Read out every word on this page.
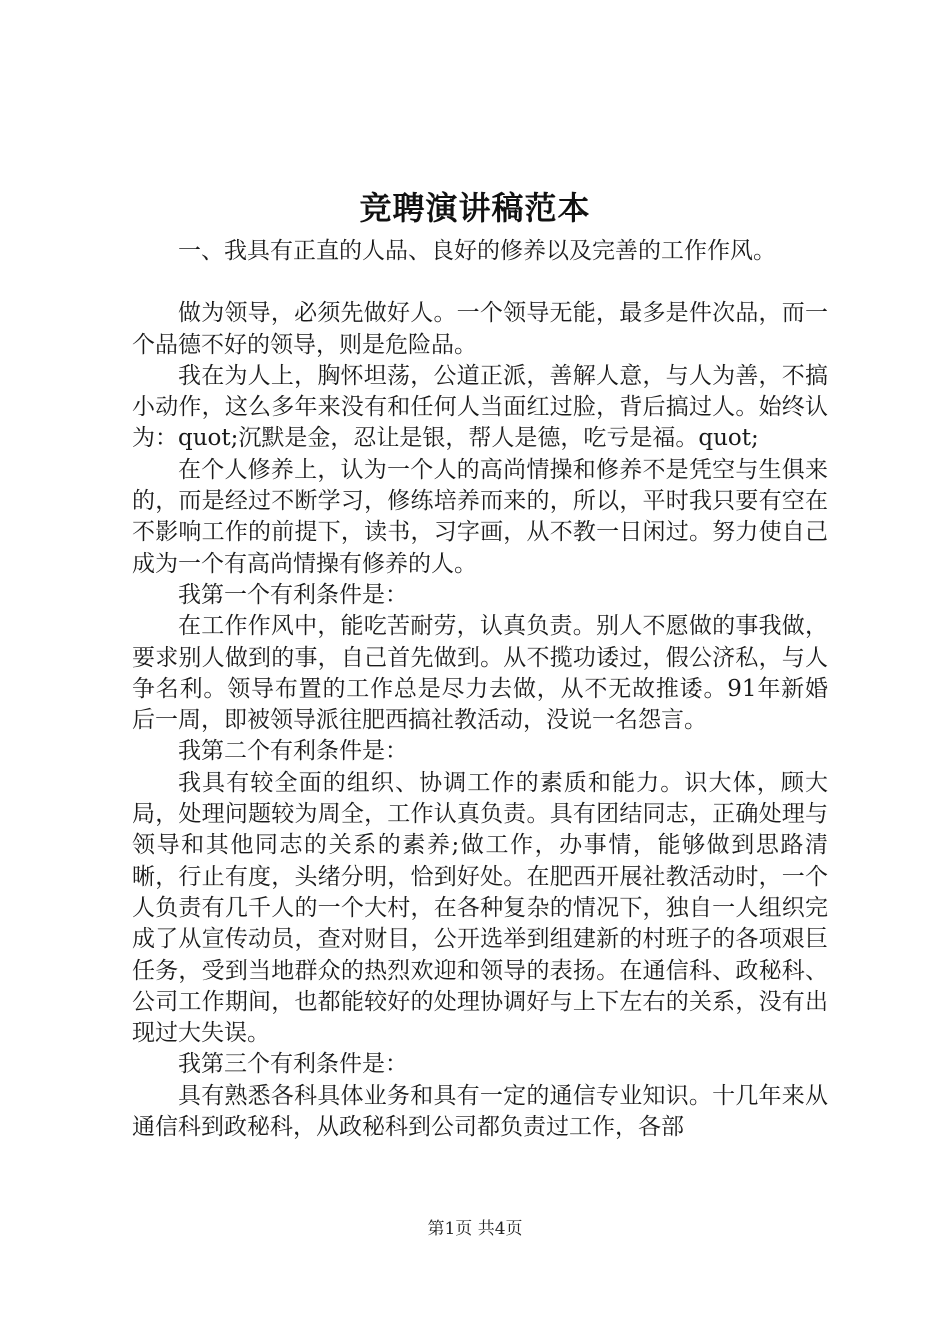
竞聘演讲稿范本

一、我具有正直的人品、良好的修养以及完善的工作作风。

做为领导，必须先做好人。一个领导无能，最多是件次品，而一个品德不好的领导，则是危险品。

我在为人上，胸怀坦荡，公道正派，善解人意，与人为善，不搞小动作，这么多年来没有和任何人当面红过脸，背后搞过人。始终认为：quot;沉默是金，忍让是银，帮人是德，吃亏是福。quot;

在个人修养上，认为一个人的高尚情操和修养不是凭空与生俱来的，而是经过不断学习，修练培养而来的，所以，平时我只要有空在不影响工作的前提下，读书，习字画，从不教一日闲过。努力使自己成为一个有高尚情操有修养的人。

我第一个有利条件是：

在工作作风中，能吃苦耐劳，认真负责。别人不愿做的事我做，要求别人做到的事，自己首先做到。从不揽功诿过，假公济私，与人争名利。领导布置的工作总是尽力去做，从不无故推诿。91年新婚后一周，即被领导派往肥西搞社教活动，没说一名怨言。

我第二个有利条件是：

我具有较全面的组织、协调工作的素质和能力。识大体，顾大局，处理问题较为周全，工作认真负责。具有团结同志，正确处理与领导和其他同志的关系的素养;做工作，办事情，能够做到思路清晰，行止有度，头绪分明，恰到好处。在肥西开展社教活动时，一个人负责有几千人的一个大村，在各种复杂的情况下，独自一人组织完成了从宣传动员，查对财目，公开选举到组建新的村班子的各项艰巨任务，受到当地群众的热烈欢迎和领导的表扬。在通信科、政秘科、公司工作期间，也都能较好的处理协调好与上下左右的关系，没有出现过大失误。

我第三个有利条件是：

具有熟悉各科具体业务和具有一定的通信专业知识。十几年来从通信科到政秘科，从政秘科到公司都负责过工作，各部

第1页 共4页
